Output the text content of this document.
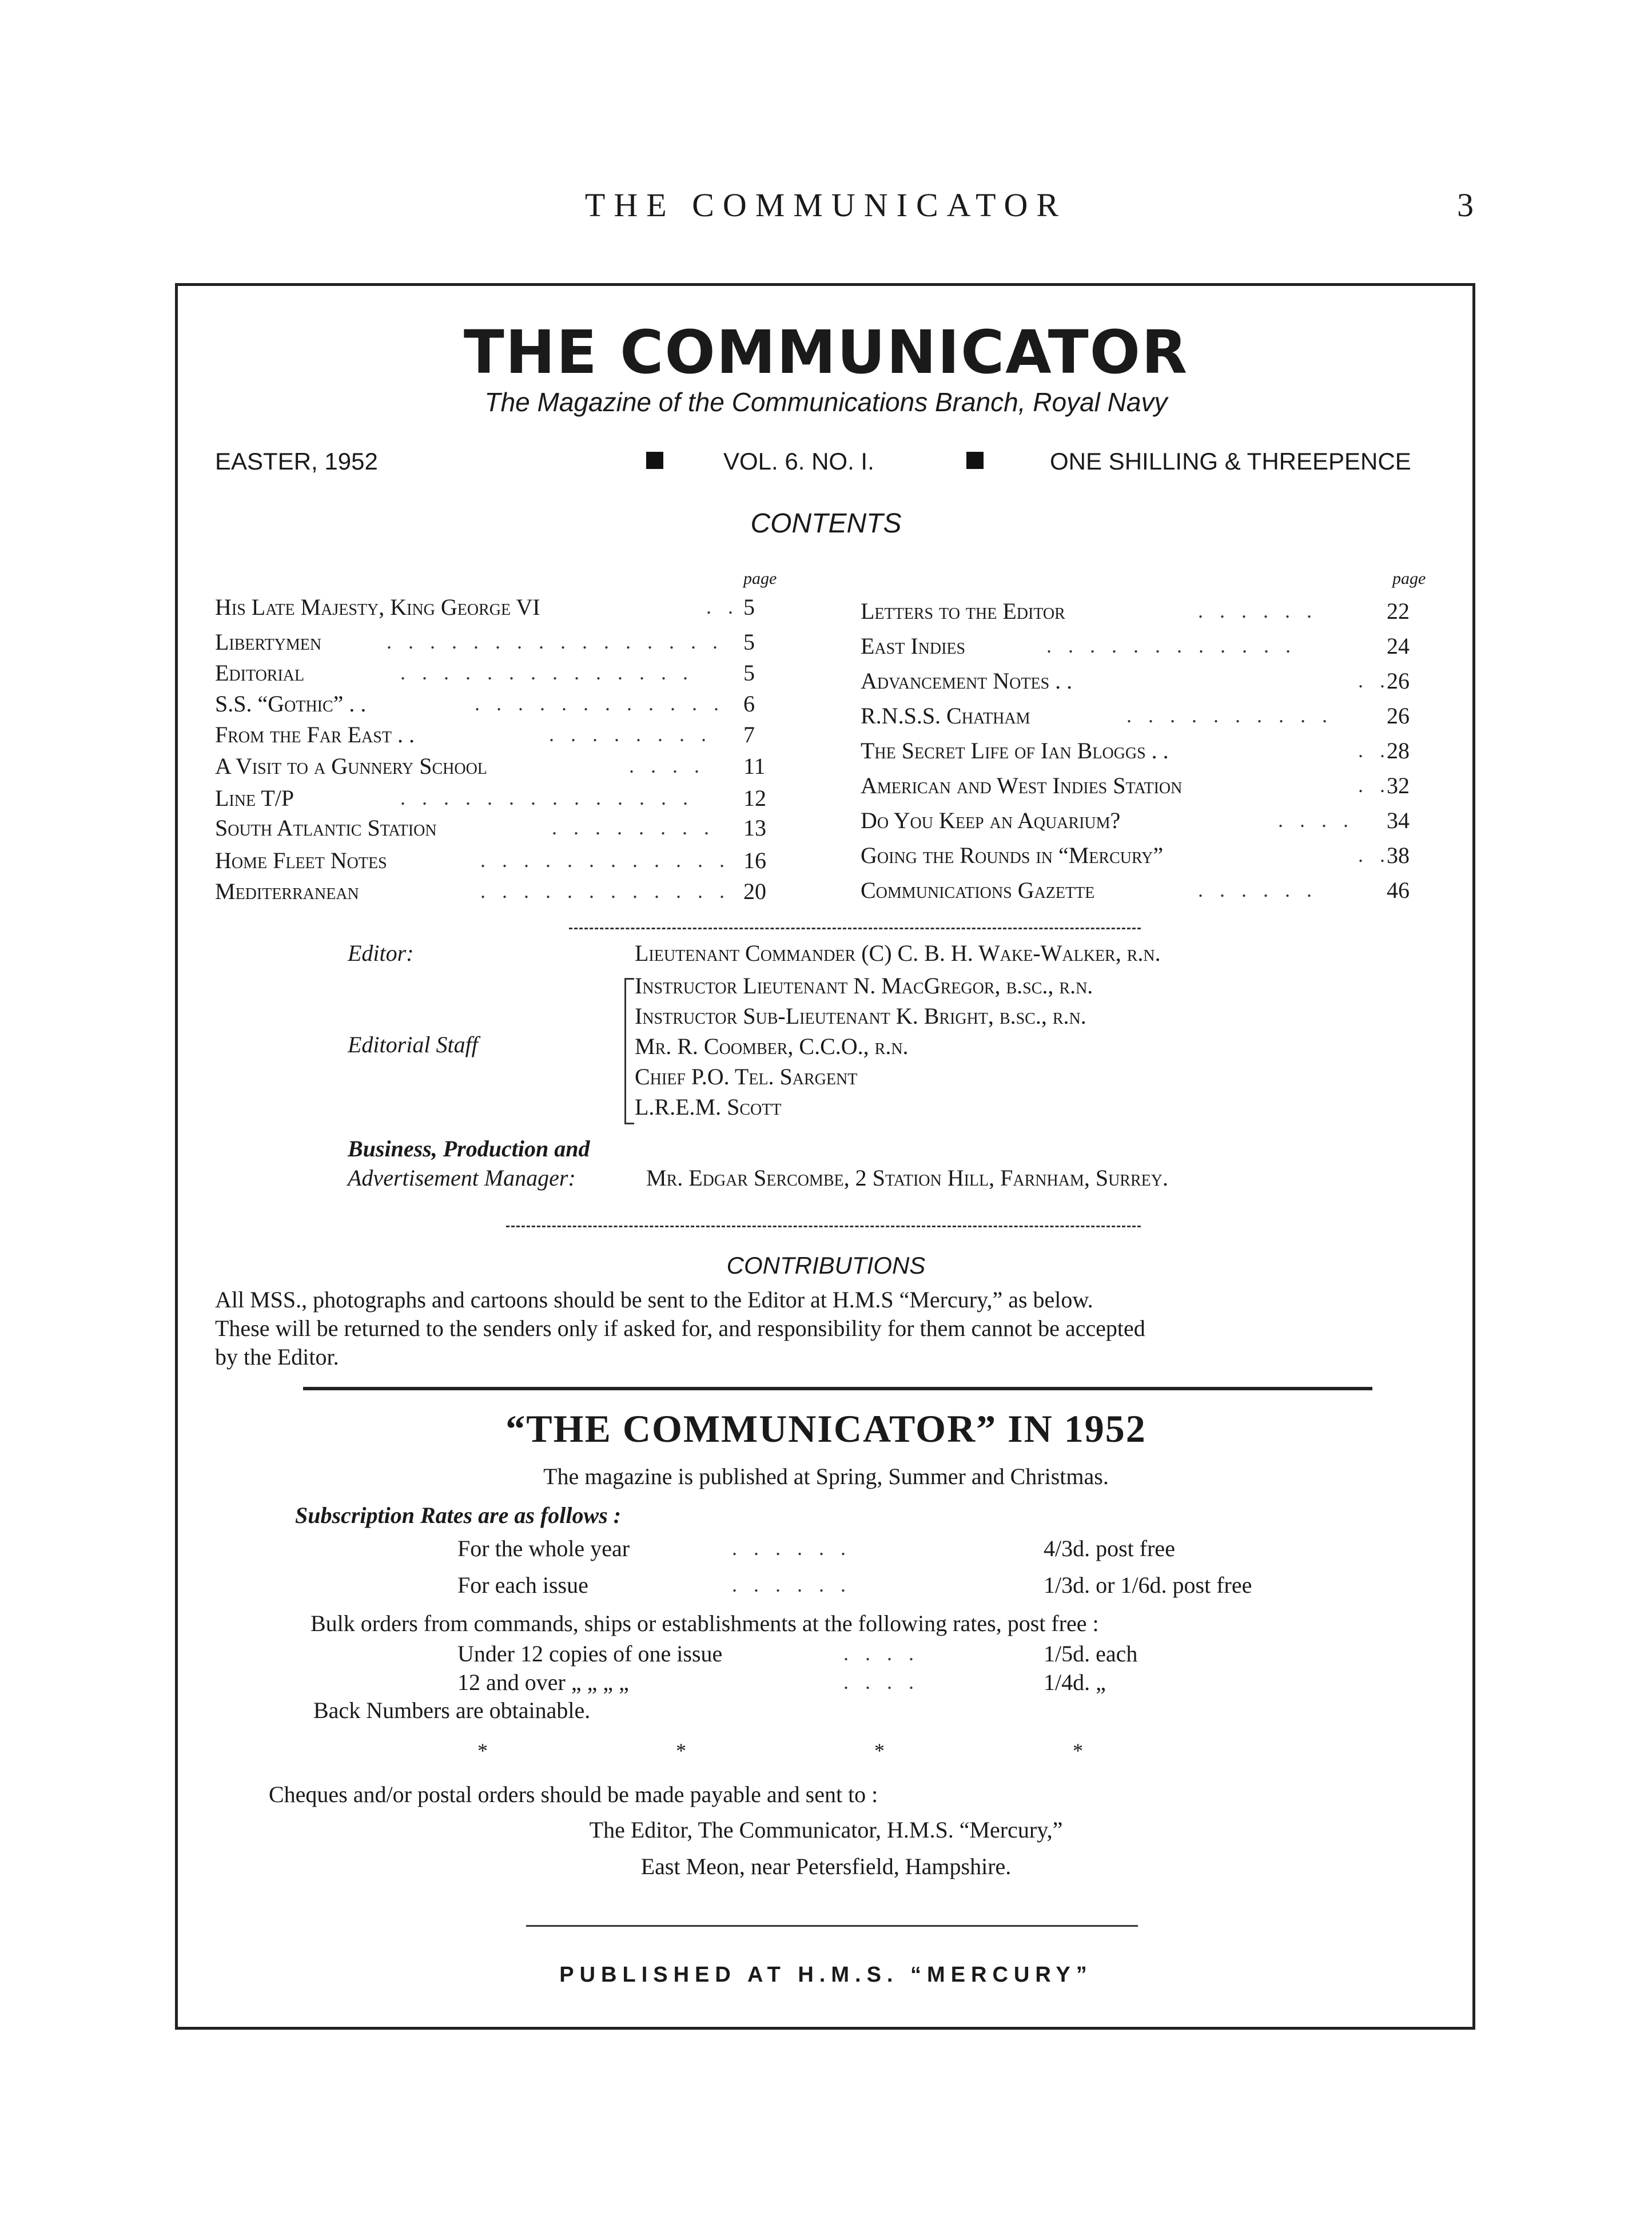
THE COMMUNICATOR	3
THE COMMUNICATOR
The Magazine of the Communications Branch, Royal Navy
EASTER, 1952	VOL. 6. NO. I.	ONE SHILLING & THREEPENCE
CONTENTS
page	page
His Late Majesty, King George VI	5
Libertymen	5
Editorial	5
S.S. “Gothic” . .	6
From the Far East . .	7
A Visit to a Gunnery School	11
Line T/P	12
South Atlantic Station	13
Home Fleet Notes	16
Mediterranean	20
. .
. . . . . . . . . . . . . . . .
. . . . . . . . . . . . . .
. . . . . . . . . . . .
. . . . . . . .
. . . .
. . . . . . . . . . . . . .
. . . . . . . .
. . . . . . . . . . . .
. . . . . . . . . . . .
Letters to the Editor	22
East Indies	24
Advancement Notes . .	26
R.N.S.S. Chatham	26
The Secret Life of Ian Bloggs . .	28
American and West Indies Station	32
Do You Keep an Aquarium?	34
Going the Rounds in “Mercury”	38
Communications Gazette	46
. . . . . .
. . . . . . . . . . . .
. .
. . . . . . . . . .
. .
. .
. . . .
. .
. . . . . .
Editor:	Lieutenant Commander (C) C. B. H. Wake-Walker, r.n.
Editorial Staff
Instructor Lieutenant N. MacGregor, b.sc., r.n.
Instructor Sub-Lieutenant K. Bright, b.sc., r.n.
Mr. R. Coomber, C.C.O., r.n.
Chief P.O. Tel. Sargent
L.R.E.M. Scott
Business, Production and
Advertisement Manager:	Mr. Edgar Sercombe, 2 Station Hill, Farnham, Surrey.
CONTRIBUTIONS
All MSS., photographs and cartoons should be sent to the Editor at H.M.S “Mercury,” as below.
These will be returned to the senders only if asked for, and responsibility for them cannot be accepted
by the Editor.
“THE COMMUNICATOR” IN 1952
The magazine is published at Spring, Summer and Christmas.
Subscription Rates are as follows :
For the whole year	. . . . . .	4/3d. post free
For each issue	. . . . . .	1/3d. or 1/6d. post free
Bulk orders from commands, ships or establishments at the following rates, post free :
Under 12 copies of one issue	. . . .	1/5d. each
12 and over „ „ „ „	. . . .	1/4d. „
Back Numbers are obtainable.
* * * *
Cheques and/or postal orders should be made payable and sent to :
The Editor, The Communicator, H.M.S. “Mercury,”
East Meon, near Petersfield, Hampshire.
PUBLISHED AT H.M.S. “MERCURY”
